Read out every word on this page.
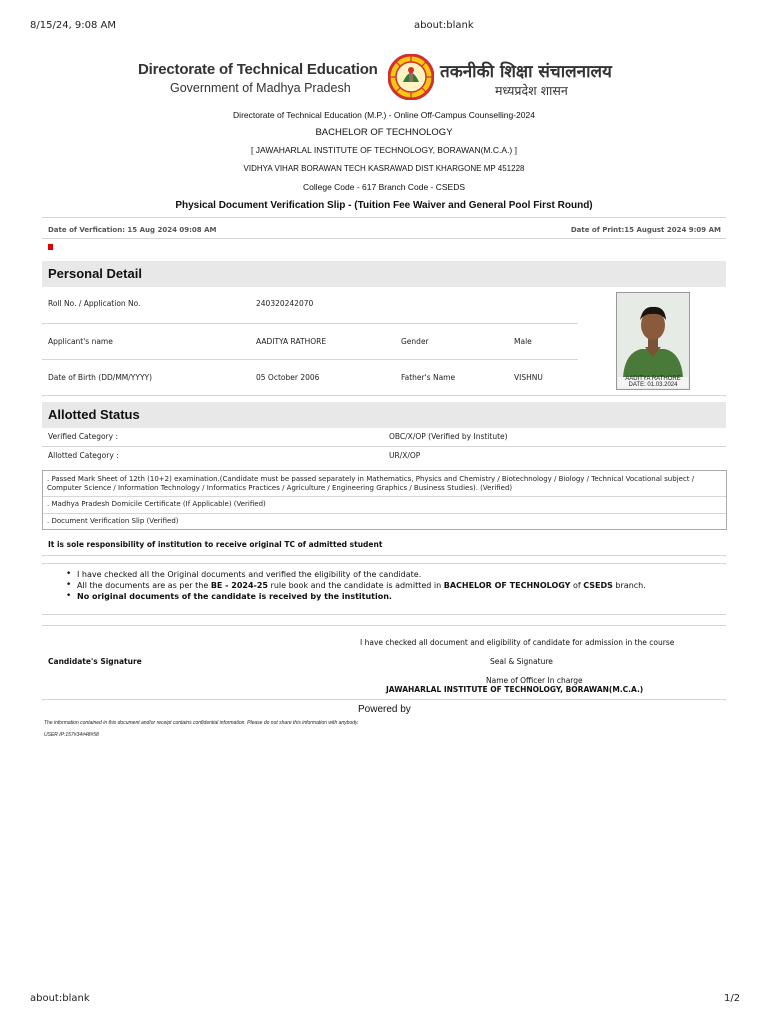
8/15/24, 9:08 AM	about:blank
Directorate of Technical Education
Government of Madhya Pradesh
तकनीकी शिक्षा संचालनालय
मध्यप्रदेश शासन
Directorate of Technical Education (M.P.) - Online Off-Campus Counselling-2024
BACHELOR OF TECHNOLOGY
[ JAWAHARLAL INSTITUTE OF TECHNOLOGY, BORAWAN(M.C.A.) ]
VIDHYA VIHAR BORAWAN TECH KASRAWAD DIST KHARGONE MP 451228
College Code - 617 Branch Code - CSEDS
Physical Document Verification Slip - (Tuition Fee Waiver and General Pool First Round)
Date of Verfication: 15 Aug 2024 09:08 AM	Date of Print:15 August 2024 9:09 AM
Personal Detail
Roll No. / Application No.	240320242070
Applicant's name	AADITYA RATHORE	Gender	Male
Date of Birth (DD/MM/YYYY)	05 October 2006	Father's Name	VISHNU	AADITYA RATHORE
DATE: 01.03.2024
Allotted Status
Verified Category :	OBC/X/OP (Verified by Institute)
Allotted Category :	UR/X/OP
. Passed Mark Sheet of 12th (10+2) examination.(Candidate must be passed separately in Mathematics, Physics and Chemistry / Biotechnology / Biology / Technical Vocational subject /
Computer Science / Information Technology / Informatics Practices / Agriculture / Engineering Graphics / Business Studies). (Verified)
. Madhya Pradesh Domicile Certificate (If Applicable) (Verified)
. Document Verification Slip (Verified)
It is sole responsibility of institution to receive original TC of admitted student
• I have checked all the Original documents and verified the eligibility of the candidate.
• All the documents are as per the BE - 2024-25 rule book and the candidate is admitted in BACHELOR OF TECHNOLOGY of CSEDS branch.
• No original documents of the candidate is received by the institution.
I have checked all document and eligibility of candidate for admission in the course
Candidate's Signature	Seal & Signature
Name of Officer In charge
JAWAHARLAL INSTITUTE OF TECHNOLOGY, BORAWAN(M.C.A.)
Powered by
The information contained in this document and/or receipt contains confidential information. Please do not share this information with anybody.
USER IP:157#34#48#58
about:blank	1/2
